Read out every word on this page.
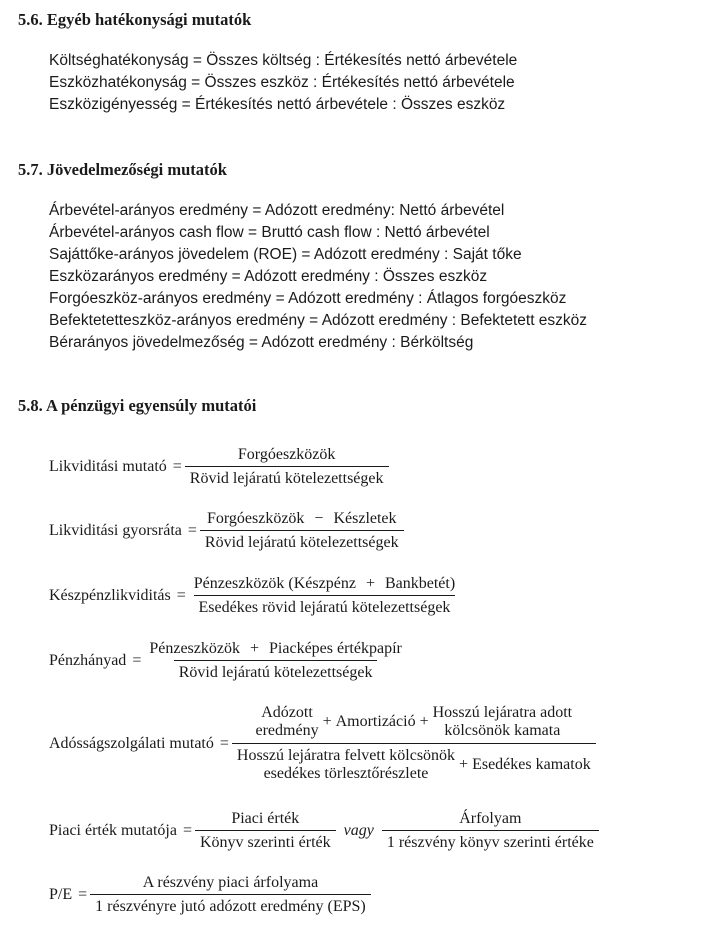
5.6. Egyéb hatékonysági mutatók
Költséghatékonyság = Összes költség : Értékesítés nettó árbevétele
Eszközhatékonyság = Összes eszköz : Értékesítés nettó árbevétele
Eszközigényesség = Értékesítés nettó árbevétele : Összes eszköz
5.7. Jövedelmezőségi mutatók
Árbevétel-arányos eredmény = Adózott eredmény: Nettó árbevétel
Árbevétel-arányos cash flow = Bruttó cash flow : Nettó árbevétel
Sajáttőke-arányos jövedelem (ROE) = Adózott eredmény : Saját tőke
Eszközarányos eredmény = Adózott eredmény : Összes eszköz
Forgóeszköz-arányos eredmény = Adózott eredmény : Átlagos forgóeszköz
Befektetetteszköz-arányos eredmény = Adózott eredmény : Befektetett eszköz
Bérarányos jövedelmezőség = Adózott eredmény : Bérköltség
5.8. A pénzügyi egyensúly mutatói
Likviditási mutató = $\frac{\text{Forgóeszközök}}{\text{Rövid lejáratú kötelezettségek}}$
Likviditási gyorsráta = $\frac{\text{Forgóeszközök − Készletek}}{\text{Rövid lejáratú kötelezettségek}}$
Készpénzlikviditás = $\frac{\text{Pénzeszközök (Készpénz + Bankbetét)}}{\text{Esedékes rövid lejáratú kötelezettségek}}$
Pénzhányad = $\frac{\text{Pénzeszközök + Piacképes értékpapír}}{\text{Rövid lejáratú kötelezettségek}}$
Adósságszolgálati mutató =
Adózott
eredmény
+ Amortizáció +
Hosszú lejáratra adott
kölcsönök kamata
Hosszú lejáratra felvett kölcsönök
esedékes törlesztőrészlete
+ Esedékes kamatok
Piaci érték mutatója = $\frac{\text{Piaci érték}}{\text{Könyv szerinti érték}}$ vagy $\frac{\text{Árfolyam}}{\text{1 részvény könyv szerinti értéke}}$
$P/E = \frac{\text{A részvény piaci árfolyama}}{\text{1 részvényre jutó adózott eredmény (EPS)}}$
